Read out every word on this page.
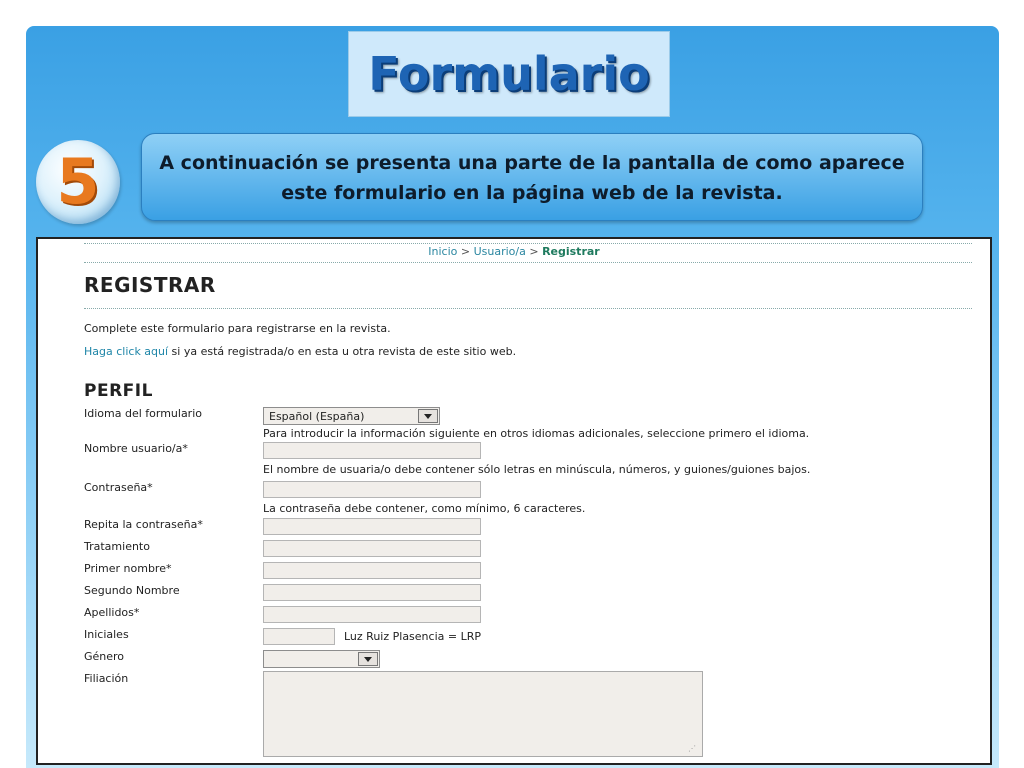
Formulario
5	A continuación se presenta una parte de la pantalla de como aparece este formulario en la página web de la revista.
Inicio > Usuario/a > Registrar
REGISTRAR
Complete este formulario para registrarse en la revista.
Haga click aquí si ya está registrada/o en esta u otra revista de este sitio web.
PERFIL
Idioma del formulario	Español (España)
Para introducir la información siguiente en otros idiomas adicionales, seleccione primero el idioma.
Nombre usuario/a*
El nombre de usuaria/o debe contener sólo letras en minúscula, números, y guiones/guiones bajos.
Contraseña*
La contraseña debe contener, como mínimo, 6 caracteres.
Repita la contraseña*
Tratamiento
Primer nombre*
Segundo Nombre
Apellidos*
Iniciales	Luz Ruiz Plasencia = LRP
Género
Filiación
⋰
